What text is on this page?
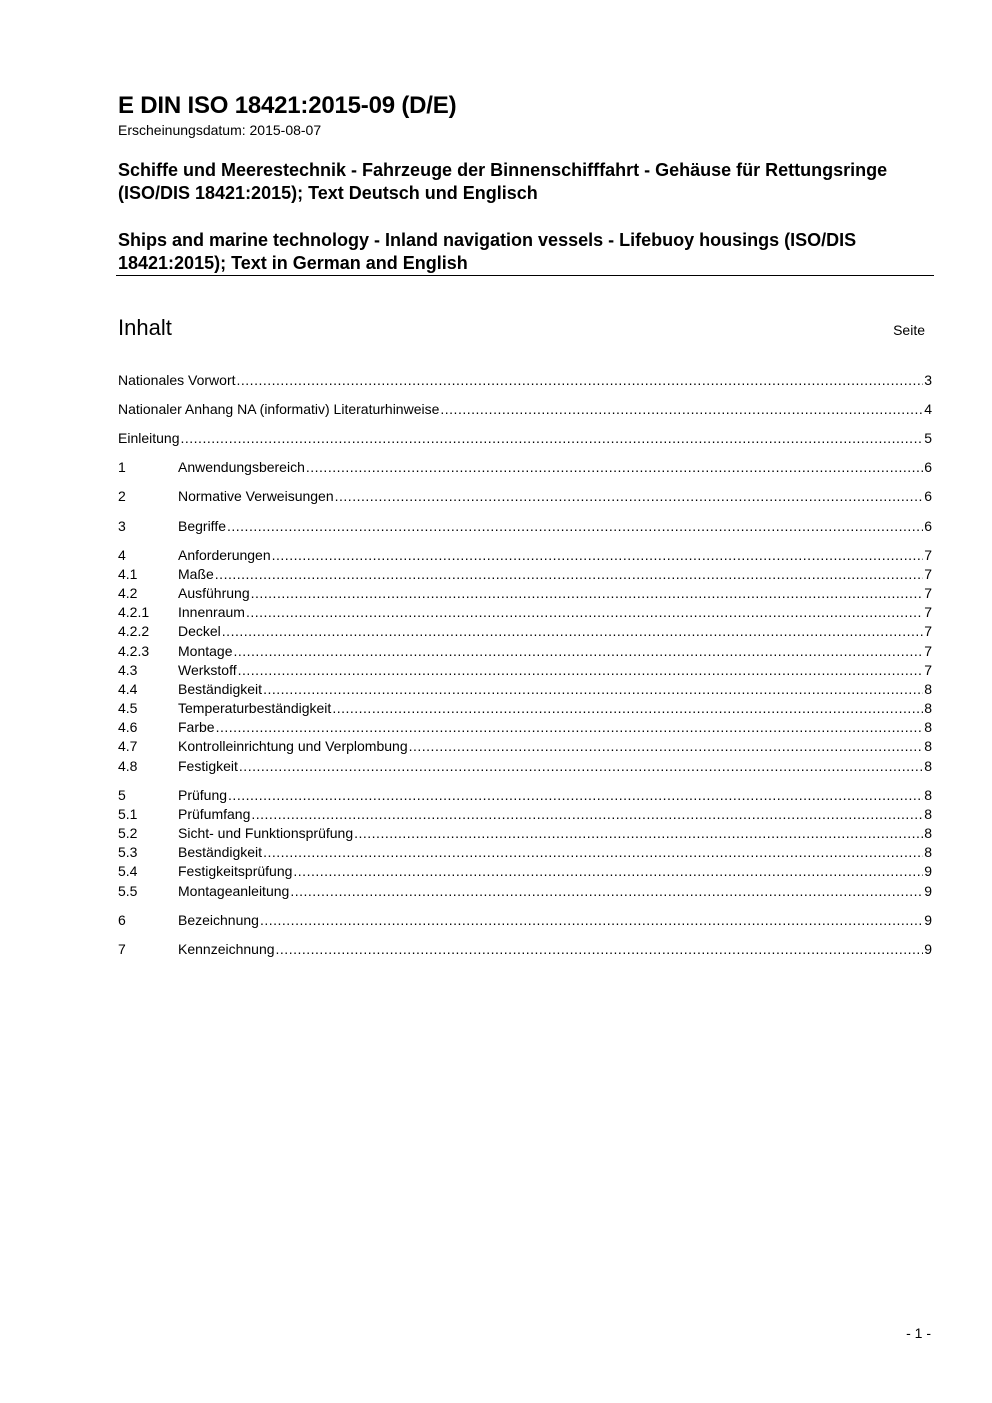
E DIN ISO 18421:2015-09 (D/E)
Erscheinungsdatum: 2015-08-07
Schiffe und Meerestechnik - Fahrzeuge der Binnenschifffahrt - Gehäuse für Rettungsringe (ISO/DIS 18421:2015); Text Deutsch und Englisch
Ships and marine technology - Inland navigation vessels - Lifebuoy housings (ISO/DIS 18421:2015); Text in German and English
Inhalt	Seite
Nationales Vorwort .....	3
Nationaler Anhang NA (informativ) Literaturhinweise .....	4
Einleitung .....	5
1	Anwendungsbereich .....	6
2	Normative Verweisungen .....	6
3	Begriffe .....	6
4	Anforderungen .....	7
4.1	Maße .....	7
4.2	Ausführung .....	7
4.2.1	Innenraum .....	7
4.2.2	Deckel .....	7
4.2.3	Montage .....	7
4.3	Werkstoff .....	7
4.4	Beständigkeit .....	8
4.5	Temperaturbeständigkeit .....	8
4.6	Farbe .....	8
4.7	Kontrolleinrichtung und Verplombung .....	8
4.8	Festigkeit .....	8
5	Prüfung .....	8
5.1	Prüfumfang .....	8
5.2	Sicht- und Funktionsprüfung .....	8
5.3	Beständigkeit .....	8
5.4	Festigkeitsprüfung .....	9
5.5	Montageanleitung .....	9
6	Bezeichnung .....	9
7	Kennzeichnung .....	9
- 1 -
